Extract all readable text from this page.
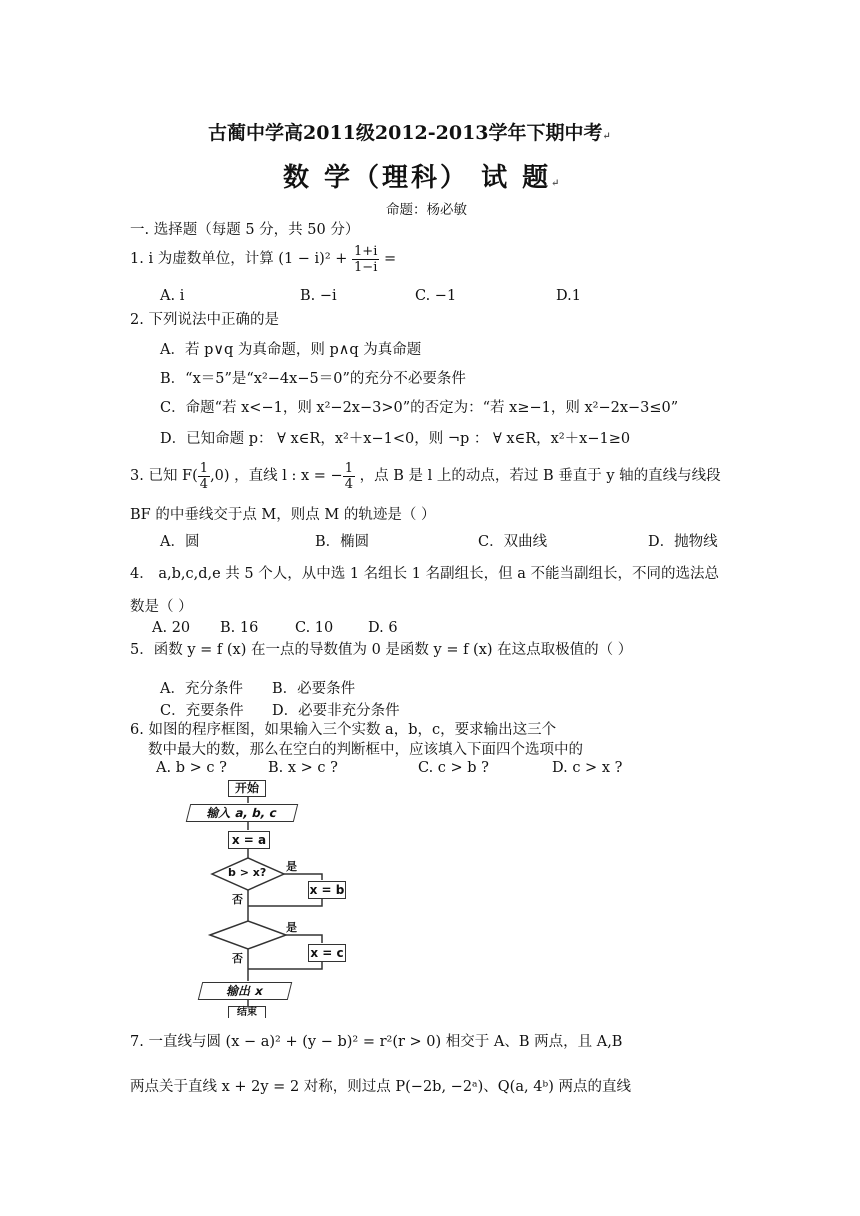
古蔺中学高2011级2012-2013学年下期中考↵
数 学（理科） 试 题↵
命题：杨必敏
一. 选择题（每题 5 分，共 50 分）
1. i 为虚数单位，计算 $(1 - i)^2 + \frac{1+i}{1-i}$ =
A. i	B. −i	C. −1	D.1
2. 下列说法中正确的是
A．若 p∨q 为真命题，则 p∧q 为真命题
B．“x＝5”是“x²−4x−5＝0”的充分不必要条件
C．命题“若 x<−1，则 x²−2x−3>0”的否定为：“若 x≥−1，则 x²−2x−3≤0”
D．已知命题 p： ∀ x∈R，x²＋x−1<0，则 ¬p ： ∀ x∈R，x²＋x−1≥0
3. 已知 $F( \frac{1}{4} ,0)$ ，直线 l : x = − $\frac{1}{4}$ ，点 B 是 l 上的动点，若过 B 垂直于 y 轴的直线与线段
BF 的中垂线交于点 M，则点 M 的轨迹是（ ）
A．圆	B．椭圆	C．双曲线	D．抛物线
4． a,b,c,d,e 共 5 个人，从中选 1 名组长 1 名副组长，但 a 不能当副组长，不同的选法总
数是（ ）
A. 20 B. 16	C. 10 D. 6
5．函数 y = f (x) 在一点的导数值为 0 是函数 y = f (x) 在这点取极值的（ ）
A．充分条件 B．必要条件
C．充要条件 D．必要非充分条件
6. 如图的程序框图，如果输入三个实数 a，b，c，要求输出这三个
数中最大的数，那么在空白的判断框中，应该填入下面四个选项中的
A. b > c ?	B. x > c ?	C. c > b ?	D. c > x ?
开始
输入 a, b, c
x = a
b > x? 是
x = b
否
是
x = c
否
输出 x
结束
7. 一直线与圆 (x − a)² + (y − b)² = r²(r > 0) 相交于 A、B 两点，且 A,B
两点关于直线 x + 2y = 2 对称，则过点 P(−2b, −2ᵃ)、Q(a, 4ᵇ) 两点的直线
